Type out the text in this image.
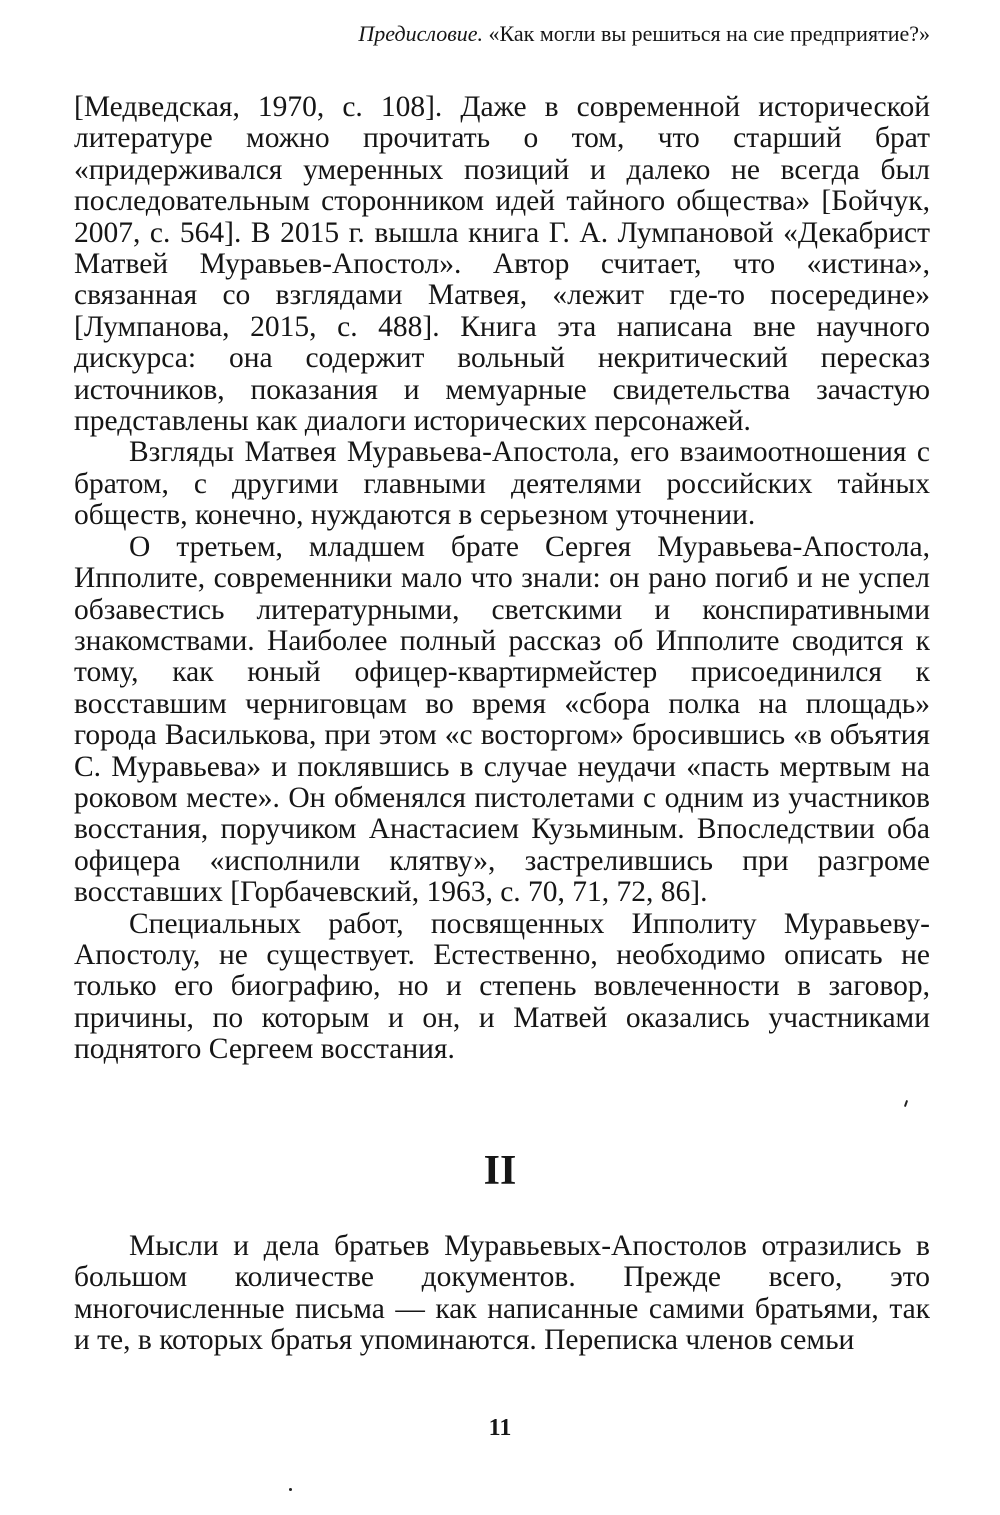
Предисловие. «Как могли вы решиться на сие предприятие?»

[Медведская, 1970, с. 108]. Даже в современной исторической литературе можно прочитать о том, что старший брат «придерживался умеренных позиций и далеко не всегда был последовательным сторонником идей тайного общества» [Бойчук, 2007, с. 564]. В 2015 г. вышла книга Г. А. Лумпановой «Декабрист Матвей Муравьев-Апостол». Автор считает, что «истина», связанная со взглядами Матвея, «лежит где-то посередине» [Лумпанова, 2015, с. 488]. Книга эта написана вне научного дискурса: она содержит вольный некритический пересказ источников, показания и мемуарные свидетельства зачастую представлены как диалоги исторических персонажей.

Взгляды Матвея Муравьева-Апостола, его взаимоотношения с братом, с другими главными деятелями российских тайных обществ, конечно, нуждаются в серьезном уточнении.

О третьем, младшем брате Сергея Муравьева-Апостола, Ипполите, современники мало что знали: он рано погиб и не успел обзавестись литературными, светскими и конспиративными знакомствами. Наиболее полный рассказ об Ипполите сводится к тому, как юный офицер-квартирмейстер присоединился к восставшим черниговцам во время «сбора полка на площадь» города Василькова, при этом «с восторгом» бросившись «в объятия С. Муравьева» и поклявшись в случае неудачи «пасть мертвым на роковом месте». Он обменялся пистолетами с одним из участников восстания, поручиком Анастасием Кузьминым. Впоследствии оба офицера «исполнили клятву», застрелившись при разгроме восставших [Горбачевский, 1963, с. 70, 71, 72, 86].

Специальных работ, посвященных Ипполиту Муравьеву-Апостолу, не существует. Естественно, необходимо описать не только его биографию, но и степень вовлеченности в заговор, причины, по которым и он, и Матвей оказались участниками поднятого Сергеем восстания.

II

Мысли и дела братьев Муравьевых-Апостолов отразились в большом количестве документов. Прежде всего, это многочисленные письма — как написанные самими братьями, так и те, в которых братья упоминаются. Переписка членов семьи

11
